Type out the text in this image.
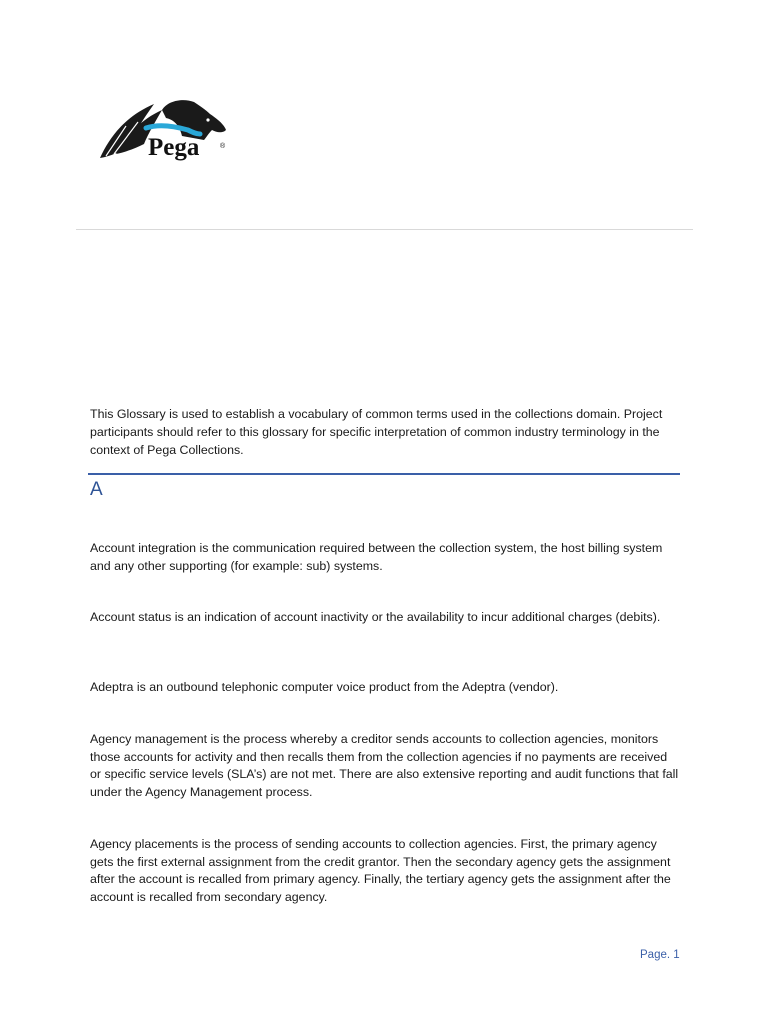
Pega	®

This Glossary is used to establish a vocabulary of common terms used in the collections domain. Project participants should refer to this glossary for specific interpretation of common industry terminology in the context of Pega Collections.

A

Account integration is the communication required between the collection system, the host billing system and any other supporting (for example: sub) systems.

Account status is an indication of account inactivity or the availability to incur additional charges (debits).

Adeptra is an outbound telephonic computer voice product from the Adeptra (vendor).

Agency management is the process whereby a creditor sends accounts to collection agencies, monitors those accounts for activity and then recalls them from the collection agencies if no payments are received or specific service levels (SLA’s) are not met. There are also extensive reporting and audit functions that fall under the Agency Management process.

Agency placements is the process of sending accounts to collection agencies. First, the primary agency gets the first external assignment from the credit grantor. Then the secondary agency gets the assignment after the account is recalled from primary agency. Finally, the tertiary agency gets the assignment after the account is recalled from secondary agency.

Page. 1
